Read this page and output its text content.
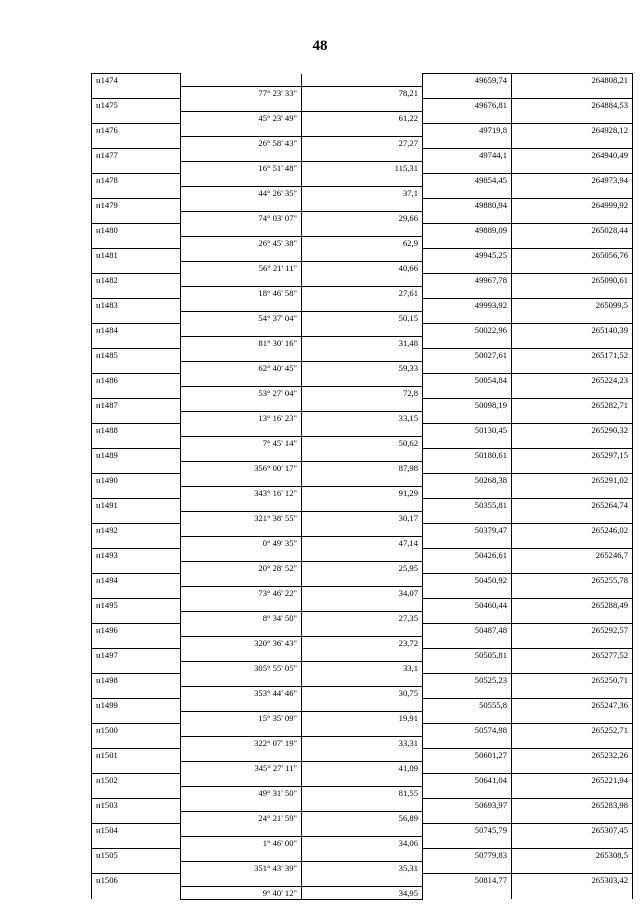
48
н1474			49659,74	264808,21
	77° 23' 33"	78,21		
н1475			49676,81	264884,53
	45° 23' 49"	61,22		
н1476			49719,8	264928,12
	26° 58' 43"	27,27		
н1477			49744,1	264940,49
	16° 51' 48"	115,31		
н1478			49854,45	264973,94
	44° 26' 35"	37,1		
н1479			49880,94	264999,92
	74° 03' 07"	29,66		
н1480			49889,09	265028,44
	26° 45' 38"	62,9		
н1481			49945,25	265056,76
	56° 21' 11"	40,66		
н1482			49967,78	265090,61
	18° 46' 58"	27,61		
н1483			49993,92	265099,5
	54° 37' 04"	50,15		
н1484			50022,96	265140,39
	81° 30' 16"	31,48		
н1485			50027,61	265171,52
	62° 40' 45"	59,33		
н1486			50054,84	265224,23
	53° 27' 04"	72,8		
н1487			50098,19	265282,71
	13° 16' 23"	33,15		
н1488			50130,45	265290,32
	7° 45' 14"	50,62		
н1489			50180,61	265297,15
	356° 00' 17"	87,98		
н1490			50268,38	265291,02
	343° 16' 12"	91,29		
н1491			50355,81	265264,74
	321° 38' 55"	30,17		
н1492			50379,47	265246,02
	0° 49' 35"	47,14		
н1493			50426,61	265246,7
	20° 28' 52"	25,95		
н1494			50450,92	265255,78
	73° 46' 22"	34,07		
н1495			50460,44	265288,49
	8° 34' 50"	27,35		
н1496			50487,48	265292,57
	320° 36' 43"	23,72		
н1497			50505,81	265277,52
	305° 55' 05"	33,1		
н1498			50525,23	265250,71
	353° 44' 46"	30,75		
н1499			50555,8	265247,36
	15° 35' 09"	19,91		
н1500			50574,98	265252,71
	322° 07' 19"	33,31		
н1501			50601,27	265232,26
	345° 27' 11"	41,09		
н1502			50641,04	265221,94
	49° 31' 50"	81,55		
н1503			50693,97	265283,98
	24° 21' 59"	56,89		
н1504			50745,79	265307,45
	1° 46' 00"	34,06		
н1505			50779,83	265308,5
	351° 43' 39"	35,31		
н1506			50814,77	265303,42
	9° 40' 12"	34,95		
